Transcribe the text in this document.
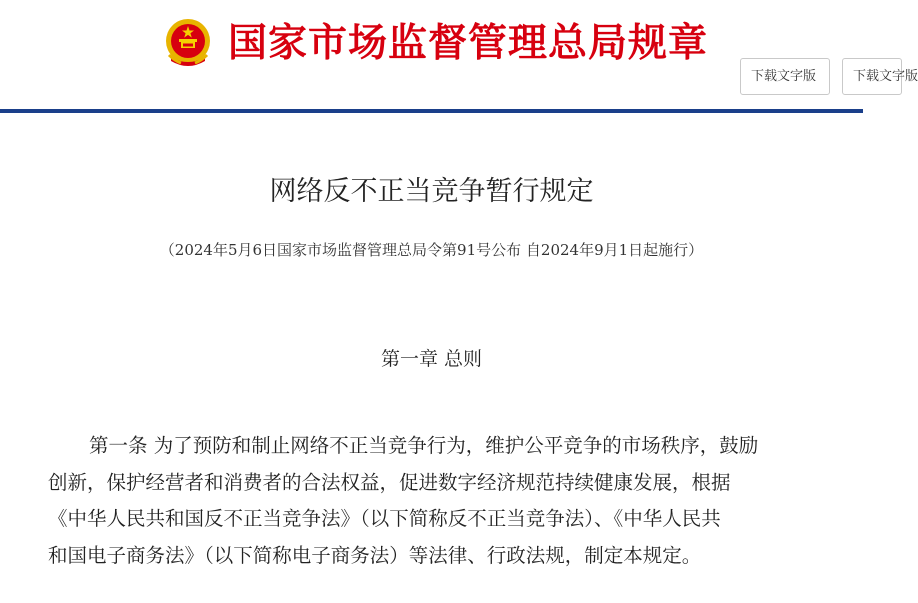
国家市场监督管理总局规章
下载文字版	下载文字版
网络反不正当竞争暂行规定
（2024年5月6日国家市场监督管理总局令第91号公布 自2024年9月1日起施行）
第一章 总则
第一条 为了预防和制止网络不正当竞争行为，维护公平竞争的市场秩序，鼓励
创新，保护经营者和消费者的合法权益，促进数字经济规范持续健康发展，根据
《中华人民共和国反不正当竞争法》（以下简称反不正当竞争法）、《中华人民共
和国电子商务法》（以下简称电子商务法）等法律、行政法规，制定本规定。
